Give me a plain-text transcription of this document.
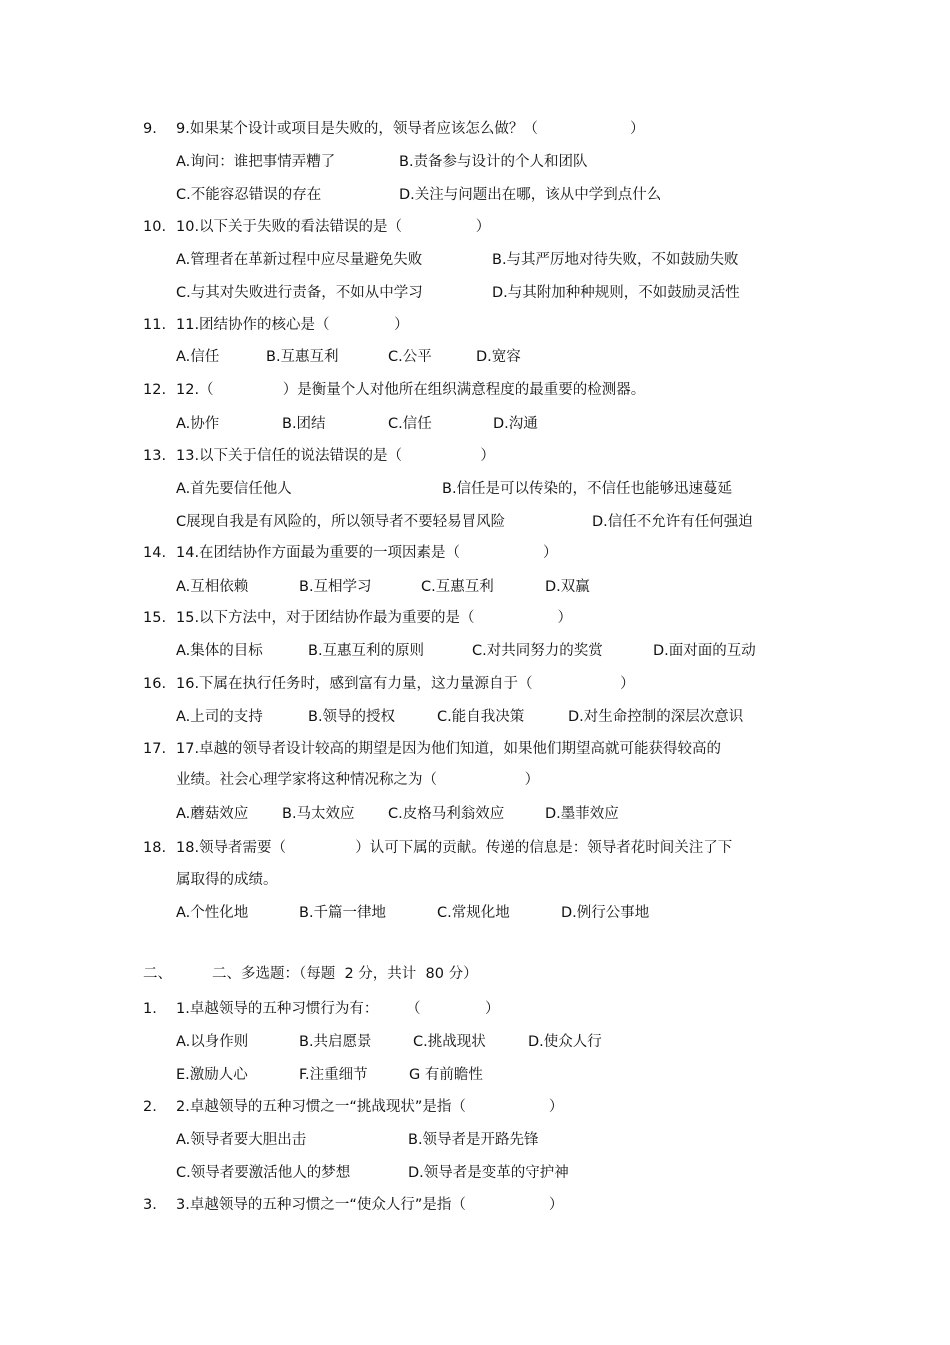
9. 9.如果某个设计或项目是失败的，领导者应该怎么做？（                    ）
A.询问：谁把事情弄糟了	B.责备参与设计的个人和团队
C.不能容忍错误的存在	D.关注与问题出在哪，该从中学到点什么
10. 10.以下关于失败的看法错误的是（                ）
A.管理者在革新过程中应尽量避免失败	B.与其严厉地对待失败，不如鼓励失败
C.与其对失败进行责备，不如从中学习	D.与其附加种种规则，不如鼓励灵活性
11. 11.团结协作的核心是（              ）
A.信任	B.互惠互利	C.公平	D.宽容
12. 12.（               ）是衡量个人对他所在组织满意程度的最重要的检测器。
A.协作	B.团结	C.信任	D.沟通
13. 13.以下关于信任的说法错误的是（                 ）
A.首先要信任他人	B.信任是可以传染的，不信任也能够迅速蔓延
C展现自我是有风险的，所以领导者不要轻易冒风险	D.信任不允许有任何强迫
14. 14.在团结协作方面最为重要的一项因素是（                  ）
A.互相依赖	B.互相学习	C.互惠互利	D.双赢
15. 15.以下方法中，对于团结协作最为重要的是（                  ）
A.集体的目标	B.互惠互利的原则	C.对共同努力的奖赏	D.面对面的互动
16. 16.下属在执行任务时，感到富有力量，这力量源自于（                   ）
A.上司的支持	B.领导的授权	C.能自我决策	D.对生命控制的深层次意识
17. 17.卓越的领导者设计较高的期望是因为他们知道，如果他们期望高就可能获得较高的
业绩。社会心理学家将这种情况称之为（                   ）
A.蘑菇效应 B.马太效应 C.皮格马利翁效应	D.墨菲效应
18. 18.领导者需要（               ）认可下属的贡献。传递的信息是：领导者花时间关注了下
属取得的成绩。
A.个性化地	B.千篇一律地	C.常规化地	D.例行公事地
二、	二、多选题：（每题  2 分，共计  80 分）
1. 1.卓越领导的五种习惯行为有：      （              ）
A.以身作则	B.共启愿景	C.挑战现状	D.使众人行
E.激励人心	F.注重细节	G 有前瞻性
2. 2.卓越领导的五种习惯之一“挑战现状”是指（                  ）
A.领导者要大胆出击	B.领导者是开路先锋
C.领导者要激活他人的梦想	D.领导者是变革的守护神
3. 3.卓越领导的五种习惯之一“使众人行”是指（                  ）
